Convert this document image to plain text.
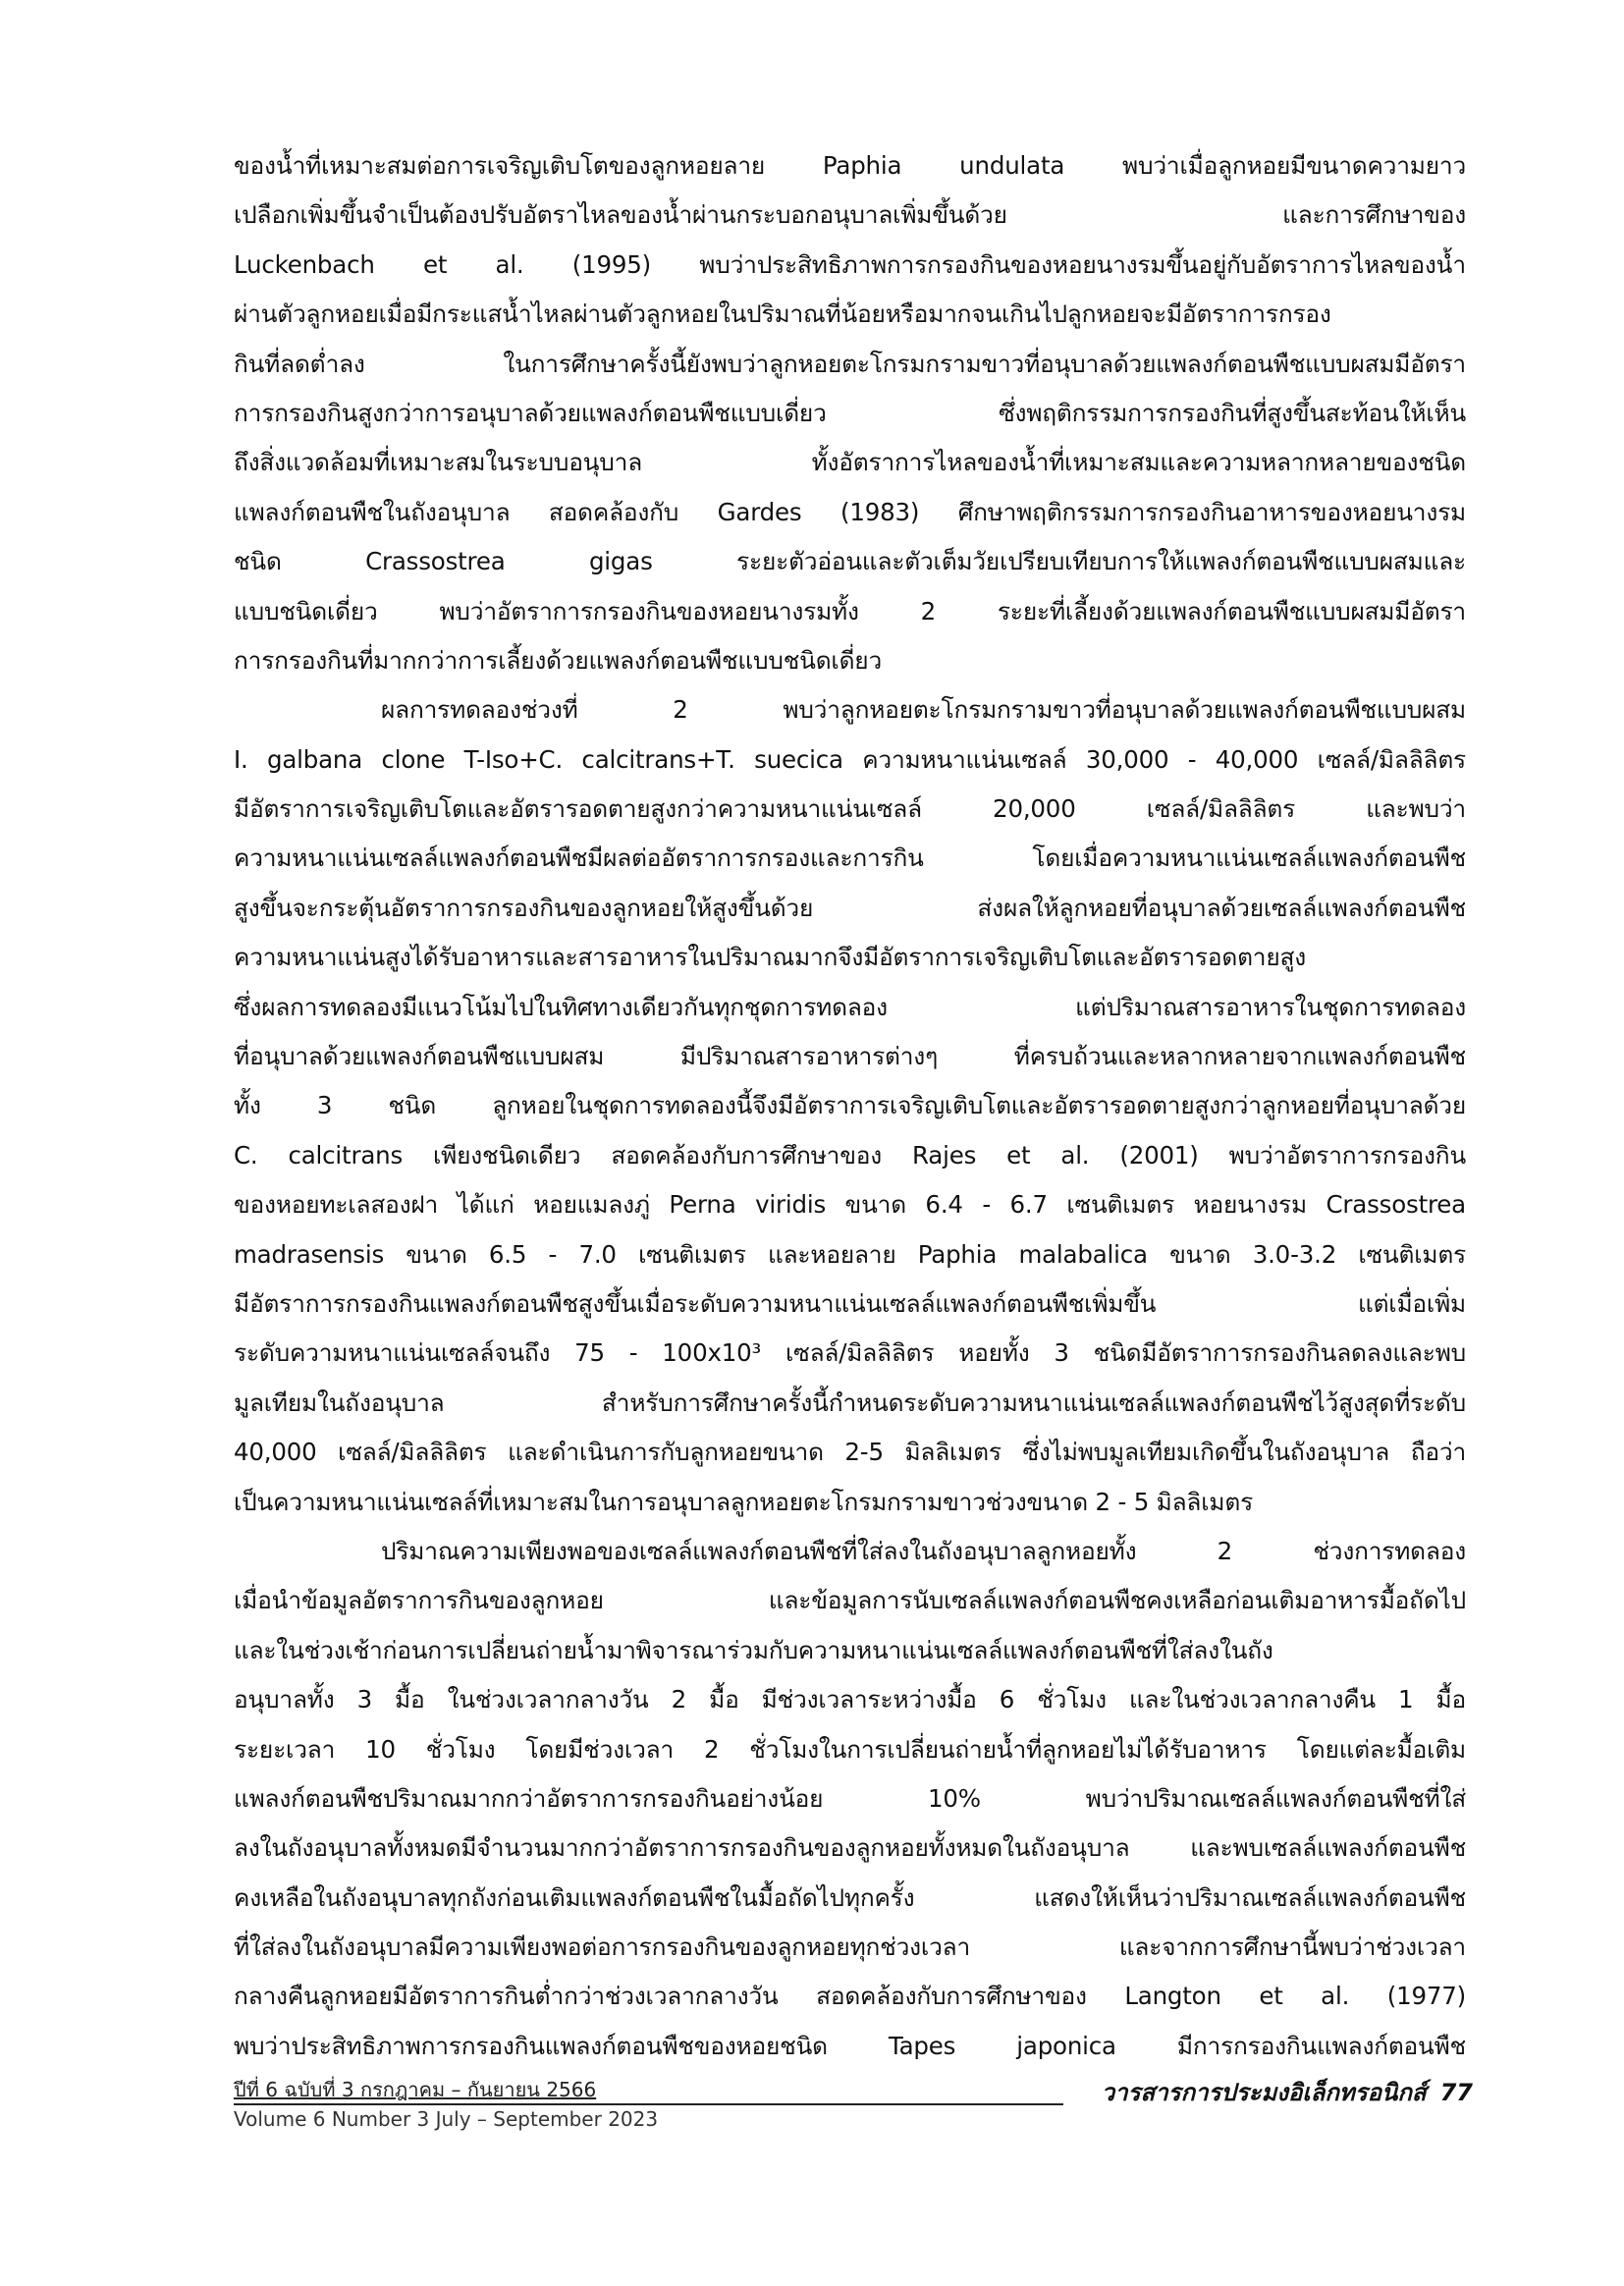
ของน้ำที่เหมาะสมต่อการเจริญเติบโตของลูกหอยลาย Paphia undulata พบว่าเมื่อลูกหอยมีขนาดความยาว
เปลือกเพิ่มขึ้นจำเป็นต้องปรับอัตราไหลของน้ำผ่านกระบอกอนุบาลเพิ่มขึ้นด้วย และการศึกษาของ
Luckenbach et al. (1995) พบว่าประสิทธิภาพการกรองกินของหอยนางรมขึ้นอยู่กับอัตราการไหลของน้ำ
ผ่านตัวลูกหอยเมื่อมีกระแสน้ำไหลผ่านตัวลูกหอยในปริมาณที่น้อยหรือมากจนเกินไปลูกหอยจะมีอัตราการกรอง
กินที่ลดต่ำลง ในการศึกษาครั้งนี้ยังพบว่าลูกหอยตะโกรมกรามขาวที่อนุบาลด้วยแพลงก์ตอนพืชแบบผสมมีอัตรา
การกรองกินสูงกว่าการอนุบาลด้วยแพลงก์ตอนพืชแบบเดี่ยว ซึ่งพฤติกรรมการกรองกินที่สูงขึ้นสะท้อนให้เห็น
ถึงสิ่งแวดล้อมที่เหมาะสมในระบบอนุบาล ทั้งอัตราการไหลของน้ำที่เหมาะสมและความหลากหลายของชนิด
แพลงก์ตอนพืชในถังอนุบาล สอดคล้องกับ Gardes (1983) ศึกษาพฤติกรรมการกรองกินอาหารของหอยนางรม
ชนิด Crassostrea gigas ระยะตัวอ่อนและตัวเต็มวัยเปรียบเทียบการให้แพลงก์ตอนพืชแบบผสมและ
แบบชนิดเดี่ยว พบว่าอัตราการกรองกินของหอยนางรมทั้ง 2 ระยะที่เลี้ยงด้วยแพลงก์ตอนพืชแบบผสมมีอัตรา
การกรองกินที่มากกว่าการเลี้ยงด้วยแพลงก์ตอนพืชแบบชนิดเดี่ยว
ผลการทดลองช่วงที่ 2 พบว่าลูกหอยตะโกรมกรามขาวที่อนุบาลด้วยแพลงก์ตอนพืชแบบผสม
I. galbana clone T-Iso+C. calcitrans+T. suecica ความหนาแน่นเซลล์ 30,000 - 40,000 เซลล์/มิลลิลิตร
มีอัตราการเจริญเติบโตและอัตรารอดตายสูงกว่าความหนาแน่นเซลล์ 20,000 เซลล์/มิลลิลิตร และพบว่า
ความหนาแน่นเซลล์แพลงก์ตอนพืชมีผลต่ออัตราการกรองและการกิน โดยเมื่อความหนาแน่นเซลล์แพลงก์ตอนพืช
สูงขึ้นจะกระตุ้นอัตราการกรองกินของลูกหอยให้สูงขึ้นด้วย ส่งผลให้ลูกหอยที่อนุบาลด้วยเซลล์แพลงก์ตอนพืช
ความหนาแน่นสูงได้รับอาหารและสารอาหารในปริมาณมากจึงมีอัตราการเจริญเติบโตและอัตรารอดตายสูง
ซึ่งผลการทดลองมีแนวโน้มไปในทิศทางเดียวกันทุกชุดการทดลอง แต่ปริมาณสารอาหารในชุดการทดลอง
ที่อนุบาลด้วยแพลงก์ตอนพืชแบบผสม มีปริมาณสารอาหารต่างๆ ที่ครบถ้วนและหลากหลายจากแพลงก์ตอนพืช
ทั้ง 3 ชนิด ลูกหอยในชุดการทดลองนี้จึงมีอัตราการเจริญเติบโตและอัตรารอดตายสูงกว่าลูกหอยที่อนุบาลด้วย
C. calcitrans เพียงชนิดเดียว สอดคล้องกับการศึกษาของ Rajes et al. (2001) พบว่าอัตราการกรองกิน
ของหอยทะเลสองฝา ได้แก่ หอยแมลงภู่ Perna viridis ขนาด 6.4 - 6.7 เซนติเมตร หอยนางรม Crassostrea
madrasensis ขนาด 6.5 - 7.0 เซนติเมตร และหอยลาย Paphia malabalica ขนาด 3.0-3.2 เซนติเมตร
มีอัตราการกรองกินแพลงก์ตอนพืชสูงขึ้นเมื่อระดับความหนาแน่นเซลล์แพลงก์ตอนพืชเพิ่มขึ้น แต่เมื่อเพิ่ม
ระดับความหนาแน่นเซลล์จนถึง 75 - 100x10³ เซลล์/มิลลิลิตร หอยทั้ง 3 ชนิดมีอัตราการกรองกินลดลงและพบ
มูลเทียมในถังอนุบาล สำหรับการศึกษาครั้งนี้กำหนดระดับความหนาแน่นเซลล์แพลงก์ตอนพืชไว้สูงสุดที่ระดับ
40,000 เซลล์/มิลลิลิตร และดำเนินการกับลูกหอยขนาด 2-5 มิลลิเมตร ซึ่งไม่พบมูลเทียมเกิดขึ้นในถังอนุบาล ถือว่า
เป็นความหนาแน่นเซลล์ที่เหมาะสมในการอนุบาลลูกหอยตะโกรมกรามขาวช่วงขนาด 2 - 5 มิลลิเมตร
ปริมาณความเพียงพอของเซลล์แพลงก์ตอนพืชที่ใส่ลงในถังอนุบาลลูกหอยทั้ง 2 ช่วงการทดลอง
เมื่อนำข้อมูลอัตราการกินของลูกหอย และข้อมูลการนับเซลล์แพลงก์ตอนพืชคงเหลือก่อนเติมอาหารมื้อถัดไป
และในช่วงเช้าก่อนการเปลี่ยนถ่ายน้ำมาพิจารณาร่วมกับความหนาแน่นเซลล์แพลงก์ตอนพืชที่ใส่ลงในถัง
อนุบาลทั้ง 3 มื้อ ในช่วงเวลากลางวัน 2 มื้อ มีช่วงเวลาระหว่างมื้อ 6 ชั่วโมง และในช่วงเวลากลางคืน 1 มื้อ
ระยะเวลา 10 ชั่วโมง โดยมีช่วงเวลา 2 ชั่วโมงในการเปลี่ยนถ่ายน้ำที่ลูกหอยไม่ได้รับอาหาร โดยแต่ละมื้อเติม
แพลงก์ตอนพืชปริมาณมากกว่าอัตราการกรองกินอย่างน้อย 10% พบว่าปริมาณเซลล์แพลงก์ตอนพืชที่ใส่
ลงในถังอนุบาลทั้งหมดมีจำนวนมากกว่าอัตราการกรองกินของลูกหอยทั้งหมดในถังอนุบาล และพบเซลล์แพลงก์ตอนพืช
คงเหลือในถังอนุบาลทุกถังก่อนเติมแพลงก์ตอนพืชในมื้อถัดไปทุกครั้ง แสดงให้เห็นว่าปริมาณเซลล์แพลงก์ตอนพืช
ที่ใส่ลงในถังอนุบาลมีความเพียงพอต่อการกรองกินของลูกหอยทุกช่วงเวลา และจากการศึกษานี้พบว่าช่วงเวลา
กลางคืนลูกหอยมีอัตราการกินต่ำกว่าช่วงเวลากลางวัน สอดคล้องกับการศึกษาของ Langton et al. (1977)
พบว่าประสิทธิภาพการกรองกินแพลงก์ตอนพืชของหอยชนิด Tapes japonica มีการกรองกินแพลงก์ตอนพืช
ปีที่ 6 ฉบับที่ 3 กรกฎาคม – กันยายน 2566
Volume 6 Number 3 July – September 2023
วารสารการประมงอิเล็กทรอนิกส์ 77
